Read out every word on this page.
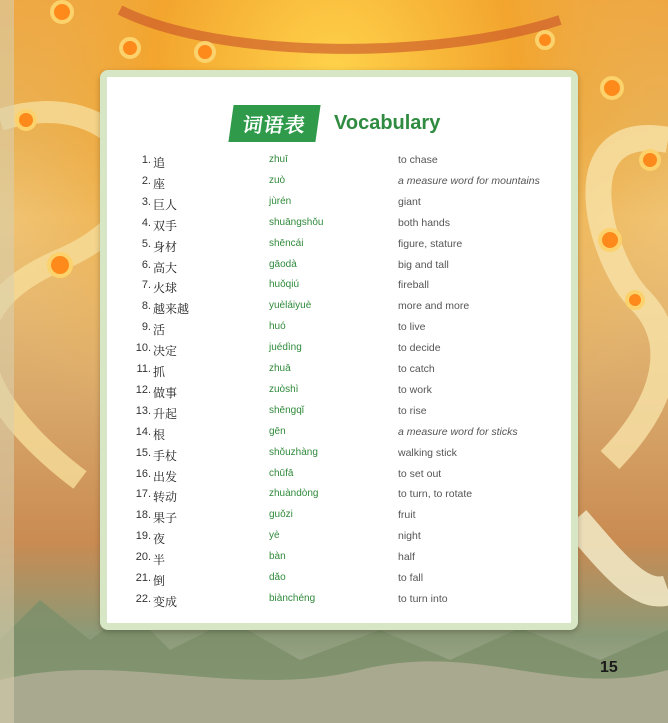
词语表	Vocabulary
1. 追	zhuī	to chase
2. 座	zuò	a measure word for mountains
3. 巨人	jùrén	giant
4. 双手	shuāngshǒu	both hands
5. 身材	shēncái	figure, stature
6. 高大	gāodà	big and tall
7. 火球	huǒqiú	fireball
8. 越来越	yuèláiyuè	more and more
9. 活	huó	to live
10. 决定	juédìng	to decide
11. 抓	zhuā	to catch
12. 做事	zuòshì	to work
13. 升起	shēngqǐ	to rise
14. 根	gēn	a measure word for sticks
15. 手杖	shǒuzhàng	walking stick
16. 出发	chūfā	to set out
17. 转动	zhuàndòng	to turn, to rotate
18. 果子	guǒzi	fruit
19. 夜	yè	night
20. 半	bàn	half
21. 倒	dǎo	to fall
22. 变成	biànchéng	to turn into
15
